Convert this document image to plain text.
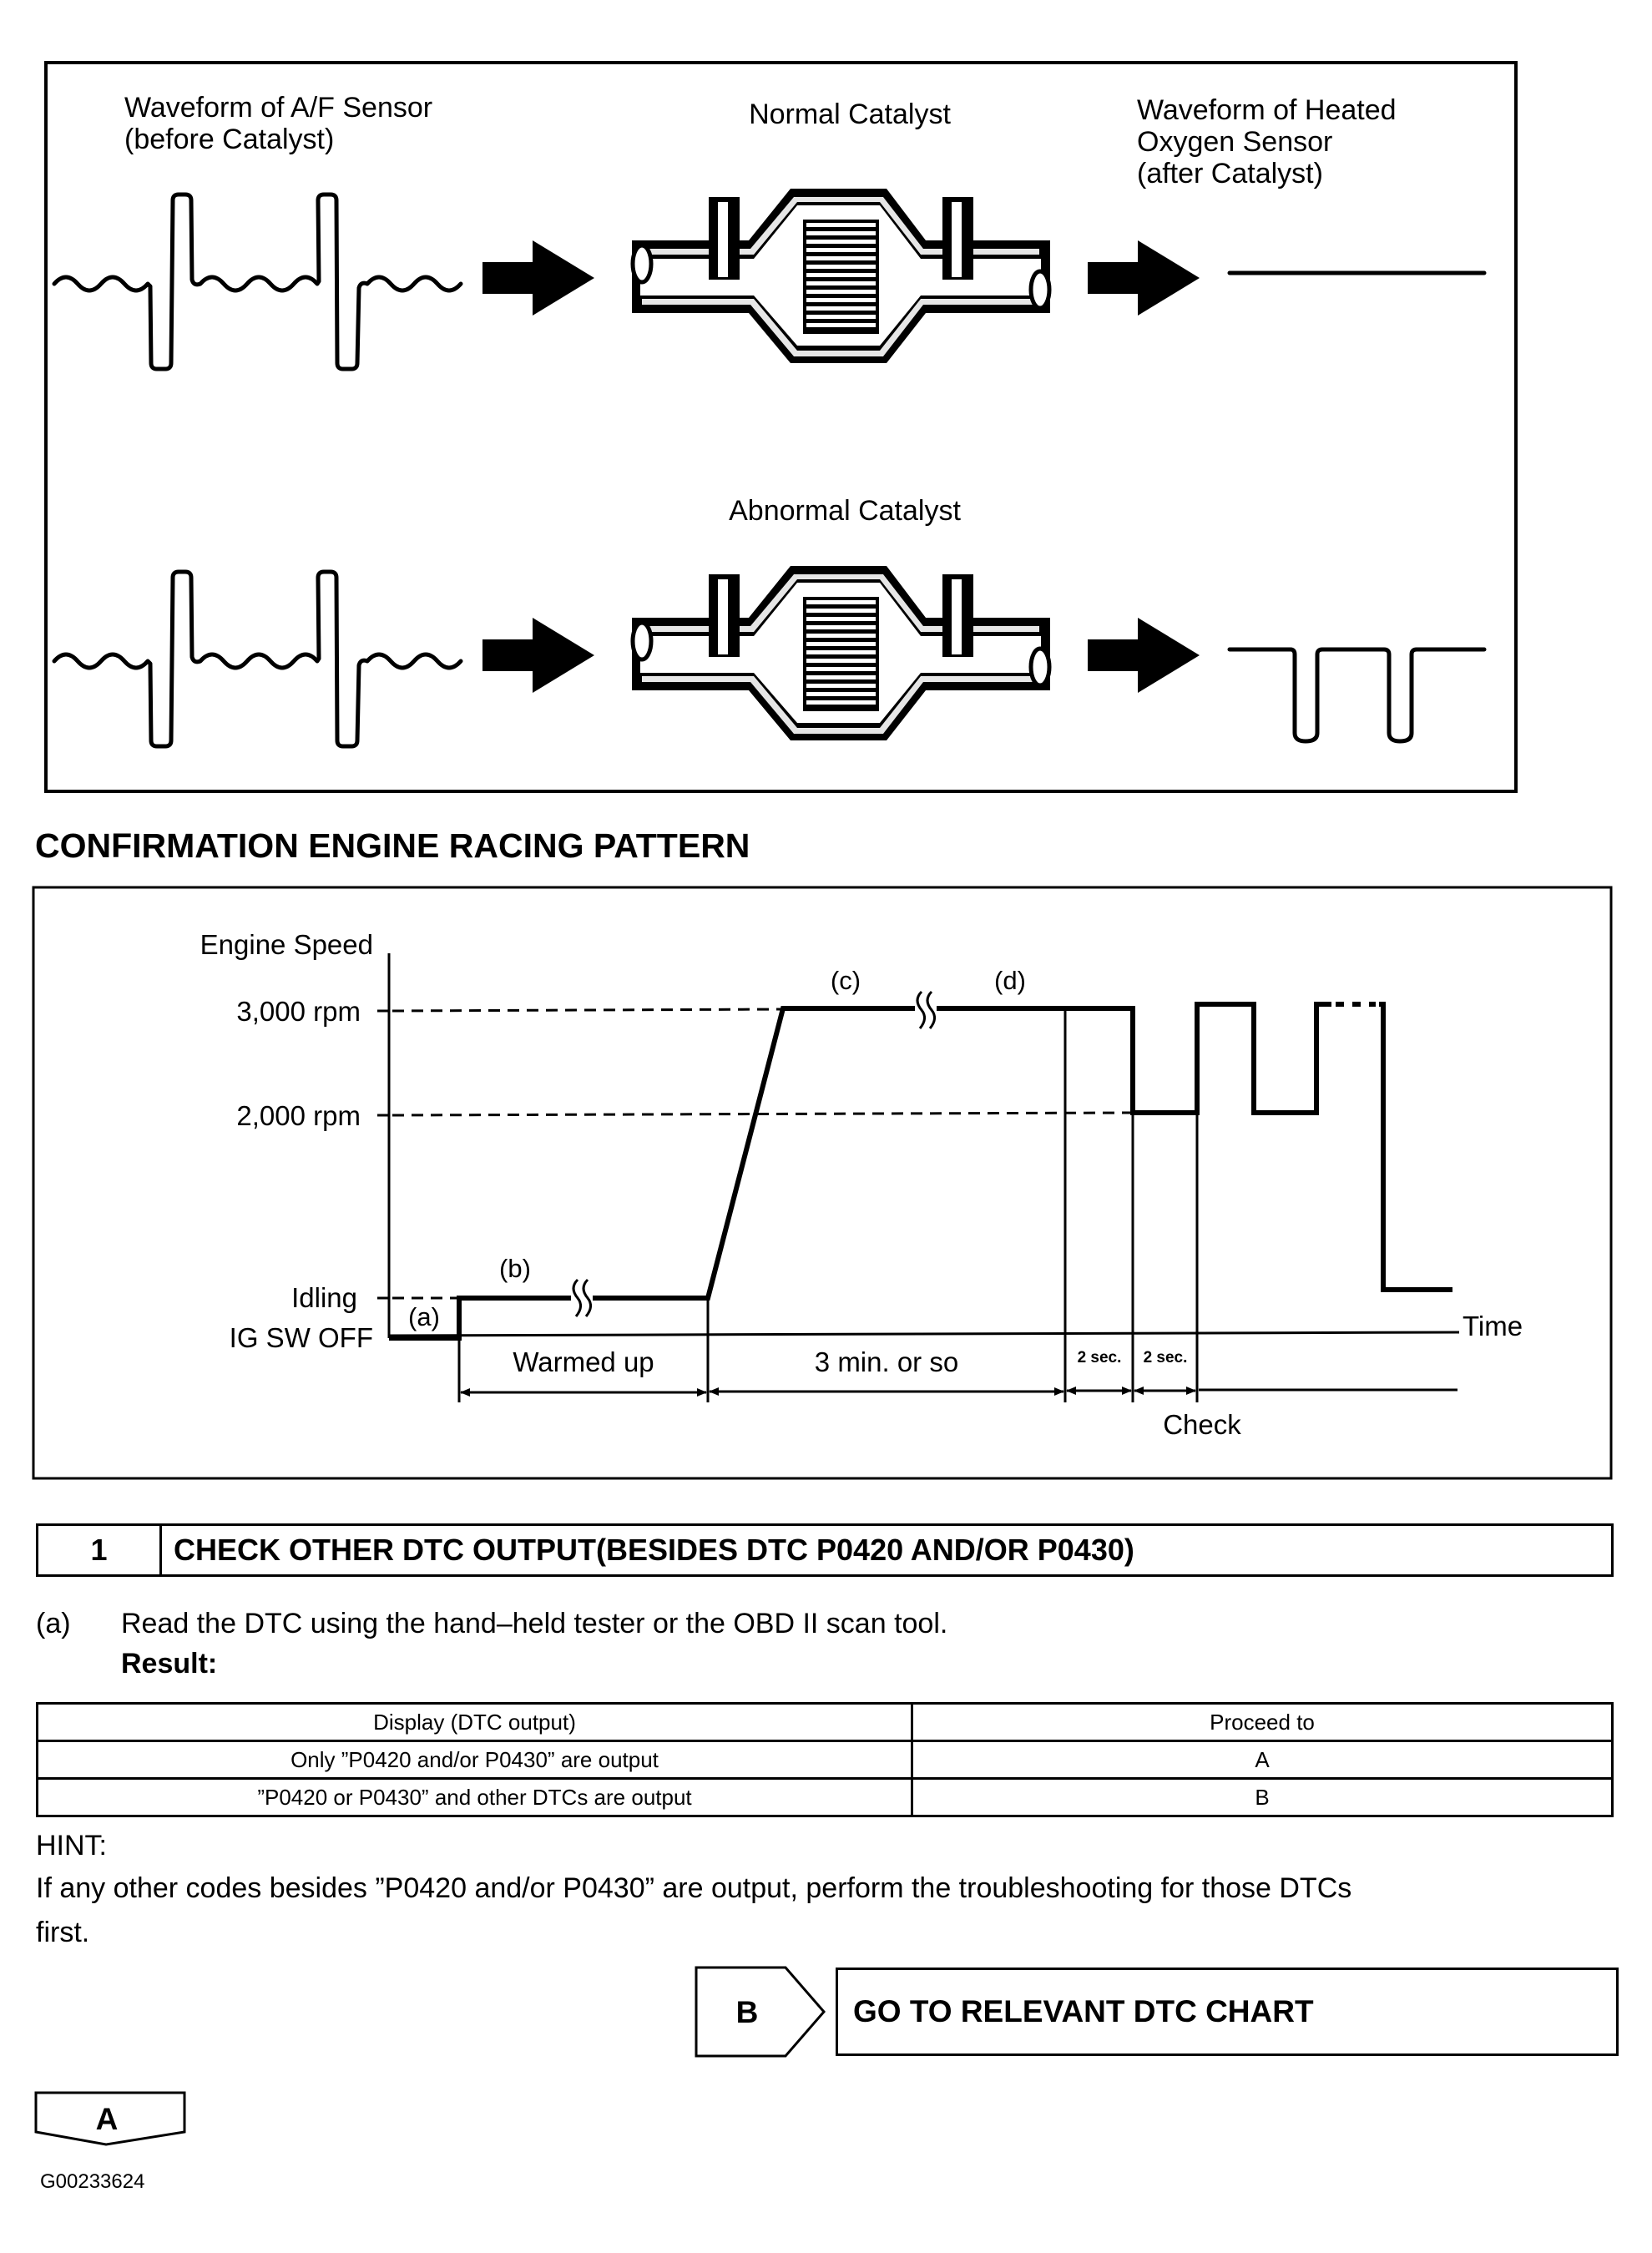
Waveform of A/F Sensor
(before Catalyst)
Normal Catalyst	Waveform of Heated
Oxygen Sensor
(after Catalyst)
Abnormal Catalyst
CONFIRMATION ENGINE RACING PATTERN
Engine Speed
3,000 rpm
2,000 rpm
Idling
IG SW OFF	Time
(a)
(b)
(c)	(d)
Warmed up	3 min. or so	2 sec. 2 sec.
Check
1	CHECK OTHER DTC OUTPUT(BESIDES DTC P0420 AND/OR P0430)
(a) Read the DTC using the hand–held tester or the OBD II scan tool.
Result:
Display (DTC output)	Proceed to
Only ”P0420 and/or P0430” are output	A
”P0420 or P0430” and other DTCs are output	B
HINT:
If any other codes besides ”P0420 and/or P0430” are output, perform the troubleshooting for those DTCs
first.
B	GO TO RELEVANT DTC CHART
A
G00233624
